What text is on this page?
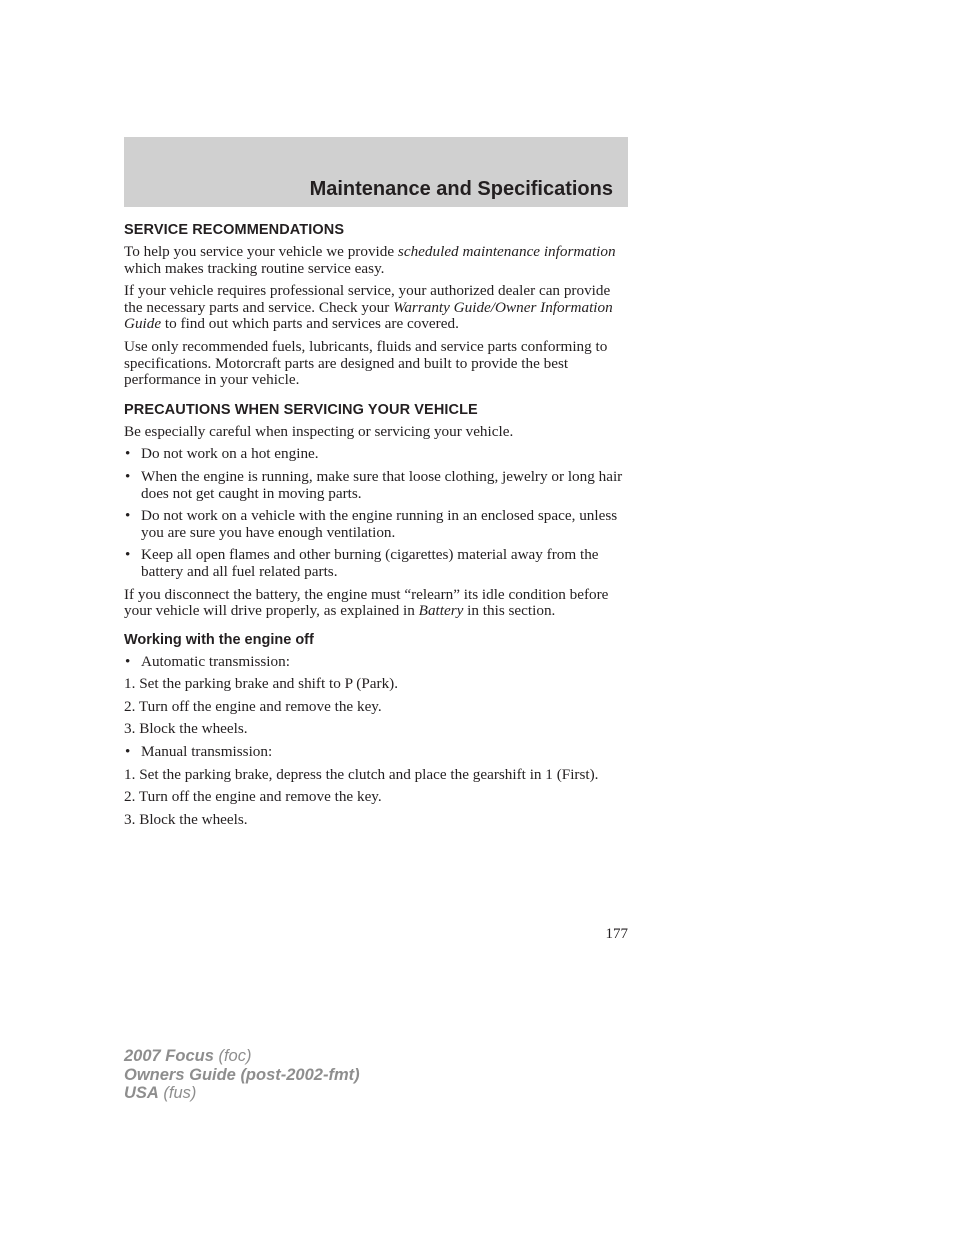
Maintenance and Specifications
SERVICE RECOMMENDATIONS

To help you service your vehicle we provide scheduled maintenance information which makes tracking routine service easy.

If your vehicle requires professional service, your authorized dealer can provide the necessary parts and service. Check your Warranty Guide/Owner Information Guide to find out which parts and services are covered.

Use only recommended fuels, lubricants, fluids and service parts conforming to specifications. Motorcraft parts are designed and built to provide the best performance in your vehicle.

PRECAUTIONS WHEN SERVICING YOUR VEHICLE

Be especially careful when inspecting or servicing your vehicle.

• Do not work on a hot engine.
• When the engine is running, make sure that loose clothing, jewelry or long hair does not get caught in moving parts.
• Do not work on a vehicle with the engine running in an enclosed space, unless you are sure you have enough ventilation.
• Keep all open flames and other burning (cigarettes) material away from the battery and all fuel related parts.

If you disconnect the battery, the engine must “relearn” its idle condition before your vehicle will drive properly, as explained in Battery in this section.

Working with the engine off
• Automatic transmission:
1. Set the parking brake and shift to P (Park).
2. Turn off the engine and remove the key.
3. Block the wheels.
• Manual transmission:
1. Set the parking brake, depress the clutch and place the gearshift in 1 (First).
2. Turn off the engine and remove the key.
3. Block the wheels.
177
2007 Focus (foc)
Owners Guide (post-2002-fmt)
USA (fus)
